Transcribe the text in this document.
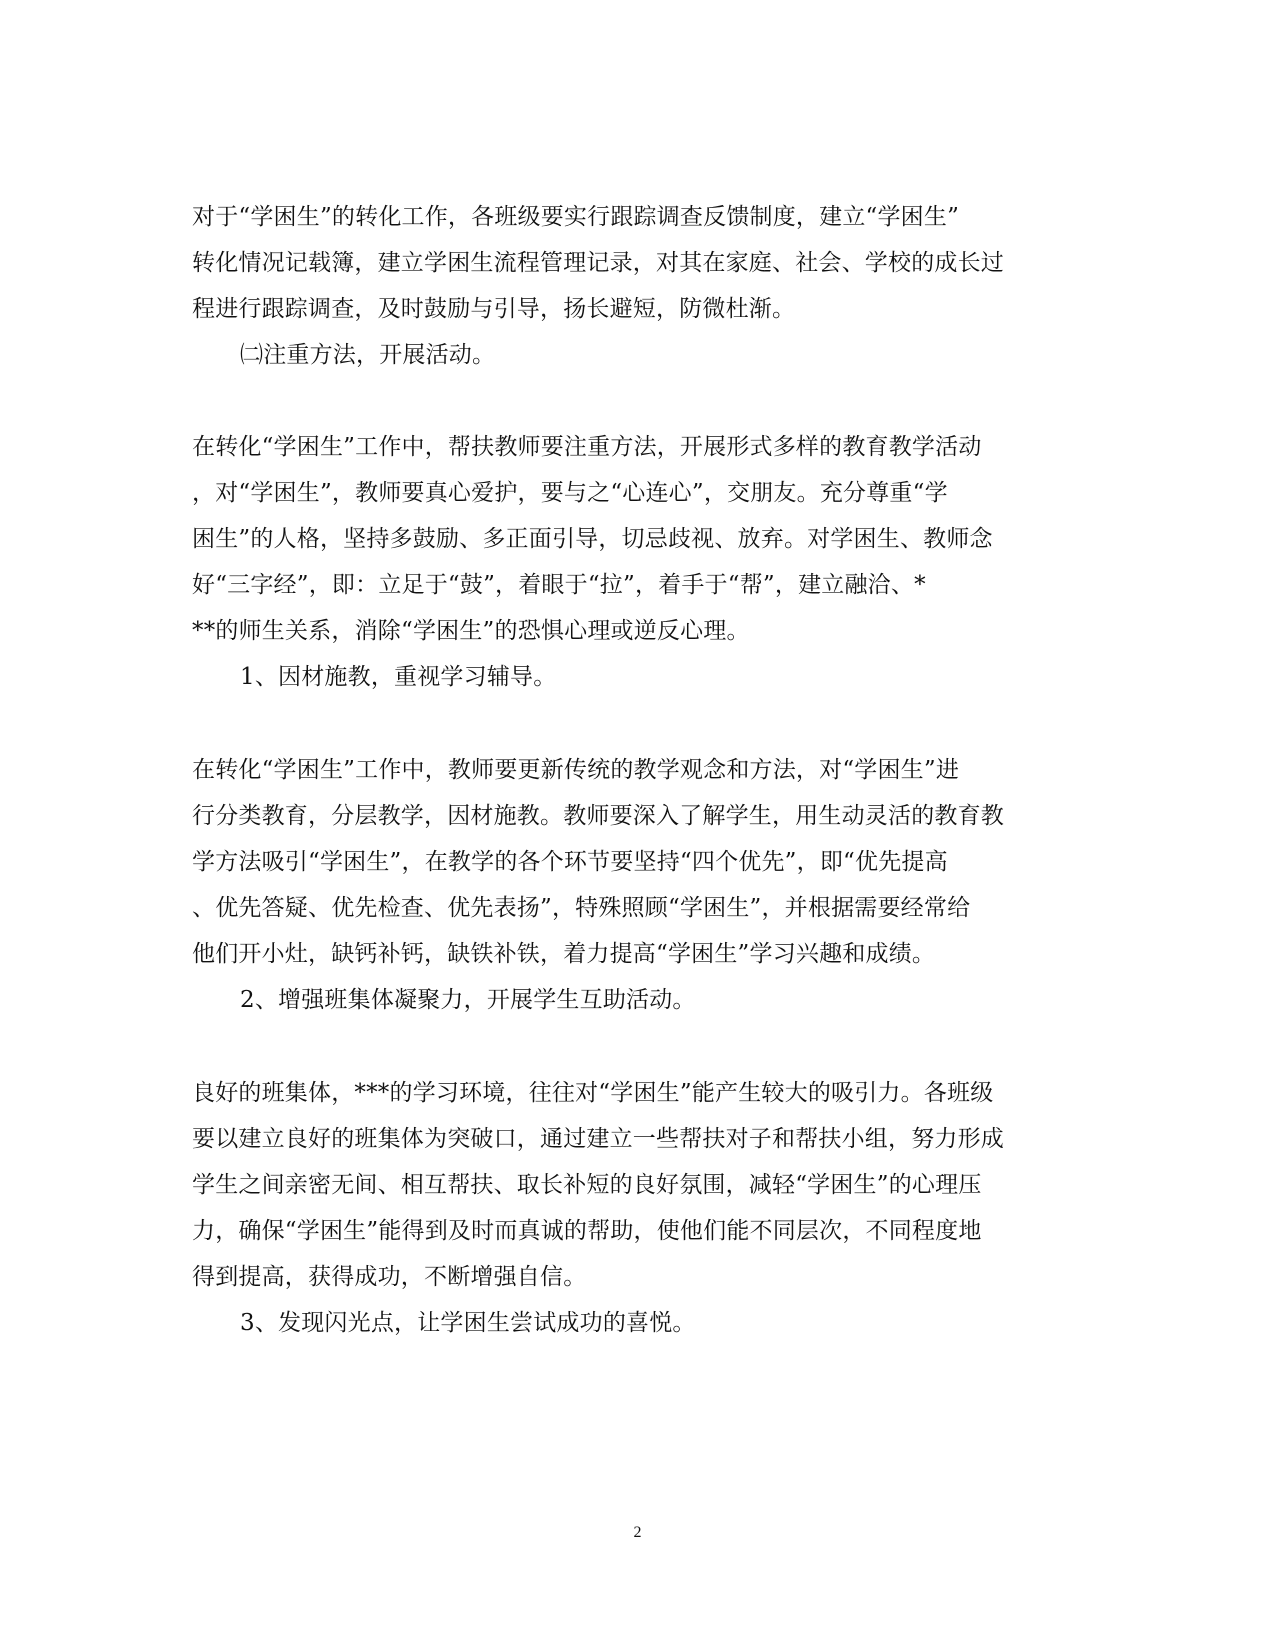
对于“学困生”的转化工作，各班级要实行跟踪调查反馈制度，建立“学困生”
转化情况记载簿，建立学困生流程管理记录，对其在家庭、社会、学校的成长过
程进行跟踪调查，及时鼓励与引导，扬长避短，防微杜渐。
㈡注重方法，开展活动。
在转化“学困生”工作中，帮扶教师要注重方法，开展形式多样的教育教学活动
，对“学困生”，教师要真心爱护，要与之“心连心”，交朋友。充分尊重“学
困生”的人格，坚持多鼓励、多正面引导，切忌歧视、放弃。对学困生、教师念
好“三字经”，即：立足于“鼓”，着眼于“拉”，着手于“帮”，建立融洽、*
**的师生关系，消除“学困生”的恐惧心理或逆反心理。
1、因材施教，重视学习辅导。
在转化“学困生”工作中，教师要更新传统的教学观念和方法，对“学困生”进
行分类教育，分层教学，因材施教。教师要深入了解学生，用生动灵活的教育教
学方法吸引“学困生”，在教学的各个环节要坚持“四个优先”，即“优先提高
、优先答疑、优先检查、优先表扬”，特殊照顾“学困生”，并根据需要经常给
他们开小灶，缺钙补钙，缺铁补铁，着力提高“学困生”学习兴趣和成绩。
2、增强班集体凝聚力，开展学生互助活动。
良好的班集体，***的学习环境，往往对“学困生”能产生较大的吸引力。各班级
要以建立良好的班集体为突破口，通过建立一些帮扶对子和帮扶小组，努力形成
学生之间亲密无间、相互帮扶、取长补短的良好氛围，减轻“学困生”的心理压
力，确保“学困生”能得到及时而真诚的帮助，使他们能不同层次，不同程度地
得到提高，获得成功，不断增强自信。
3、发现闪光点，让学困生尝试成功的喜悦。
2
